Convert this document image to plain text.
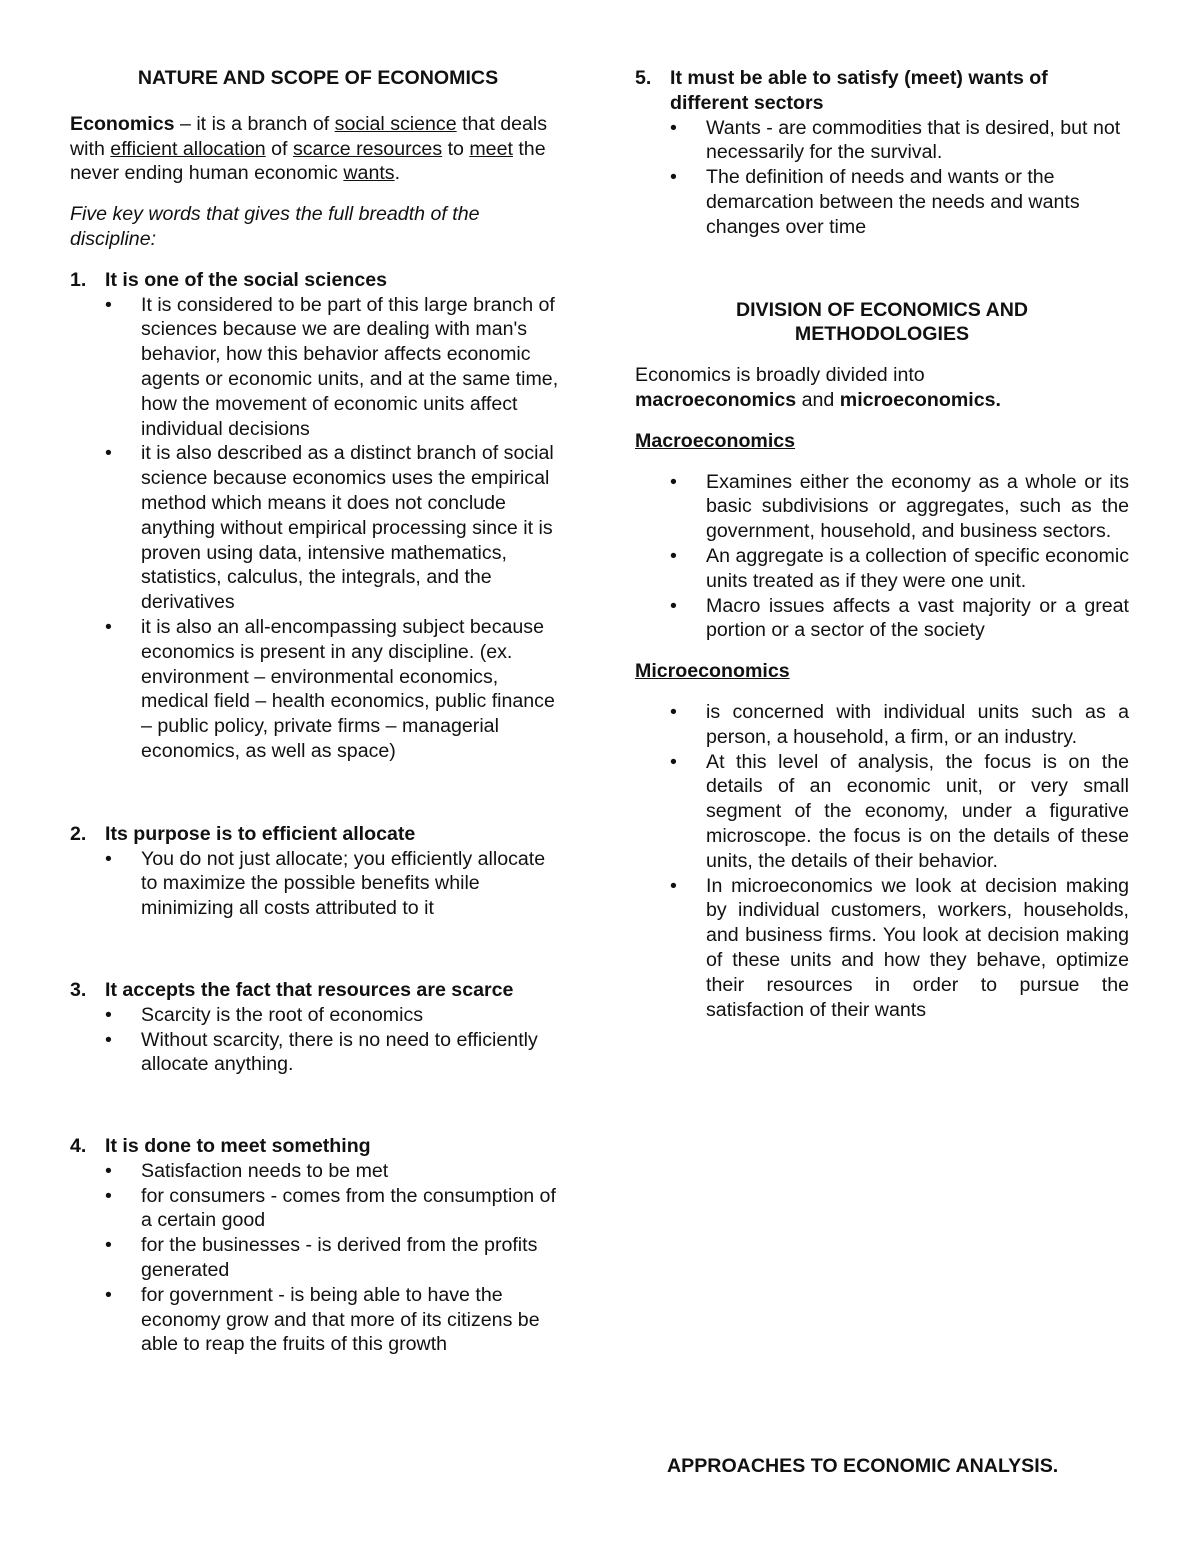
NATURE AND SCOPE OF ECONOMICS

Economics – it is a branch of social science that deals with efficient allocation of scarce resources to meet the never ending human economic wants.

Five key words that gives the full breadth of the discipline:

1. It is one of the social sciences
• It is considered to be part of this large branch of sciences because we are dealing with man's behavior, how this behavior affects economic agents or economic units, and at the same time, how the movement of economic units affect individual decisions
• it is also described as a distinct branch of social science because economics uses the empirical method which means it does not conclude anything without empirical processing since it is proven using data, intensive mathematics, statistics, calculus, the integrals, and the derivatives
• it is also an all-encompassing subject because economics is present in any discipline. (ex. environment – environmental economics, medical field – health economics, public finance – public policy, private firms – managerial economics, as well as space)
2. Its purpose is to efficient allocate
• You do not just allocate; you efficiently allocate to maximize the possible benefits while minimizing all costs attributed to it
3. It accepts the fact that resources are scarce
• Scarcity is the root of economics
• Without scarcity, there is no need to efficiently allocate anything.
4. It is done to meet something
• Satisfaction needs to be met
• for consumers - comes from the consumption of a certain good
• for the businesses - is derived from the profits generated
• for government - is being able to have the economy grow and that more of its citizens be able to reap the fruits of this growth
5. It must be able to satisfy (meet) wants of different sectors
• Wants - are commodities that is desired, but not necessarily for the survival.
• The definition of needs and wants or the demarcation between the needs and wants changes over time

DIVISION OF ECONOMICS AND

METHODOLOGIES

Economics is broadly divided into
macroeconomics and microeconomics.

Macroeconomics

• Examines either the economy as a whole or its basic subdivisions or aggregates, such as the government, household, and business sectors.
• An aggregate is a collection of specific economic units treated as if they were one unit.
• Macro issues affects a vast majority or a great portion or a sector of the society

Microeconomics

• is concerned with individual units such as a person, a household, a firm, or an industry.
• At this level of analysis, the focus is on the details of an economic unit, or very small segment of the economy, under a figurative microscope. the focus is on the details of these units, the details of their behavior.
• In microeconomics we look at decision making by individual customers, workers, households, and business firms. You look at decision making of these units and how they behave, optimize their resources in order to pursue the satisfaction of their wants

APPROACHES TO ECONOMIC ANALYSIS.
